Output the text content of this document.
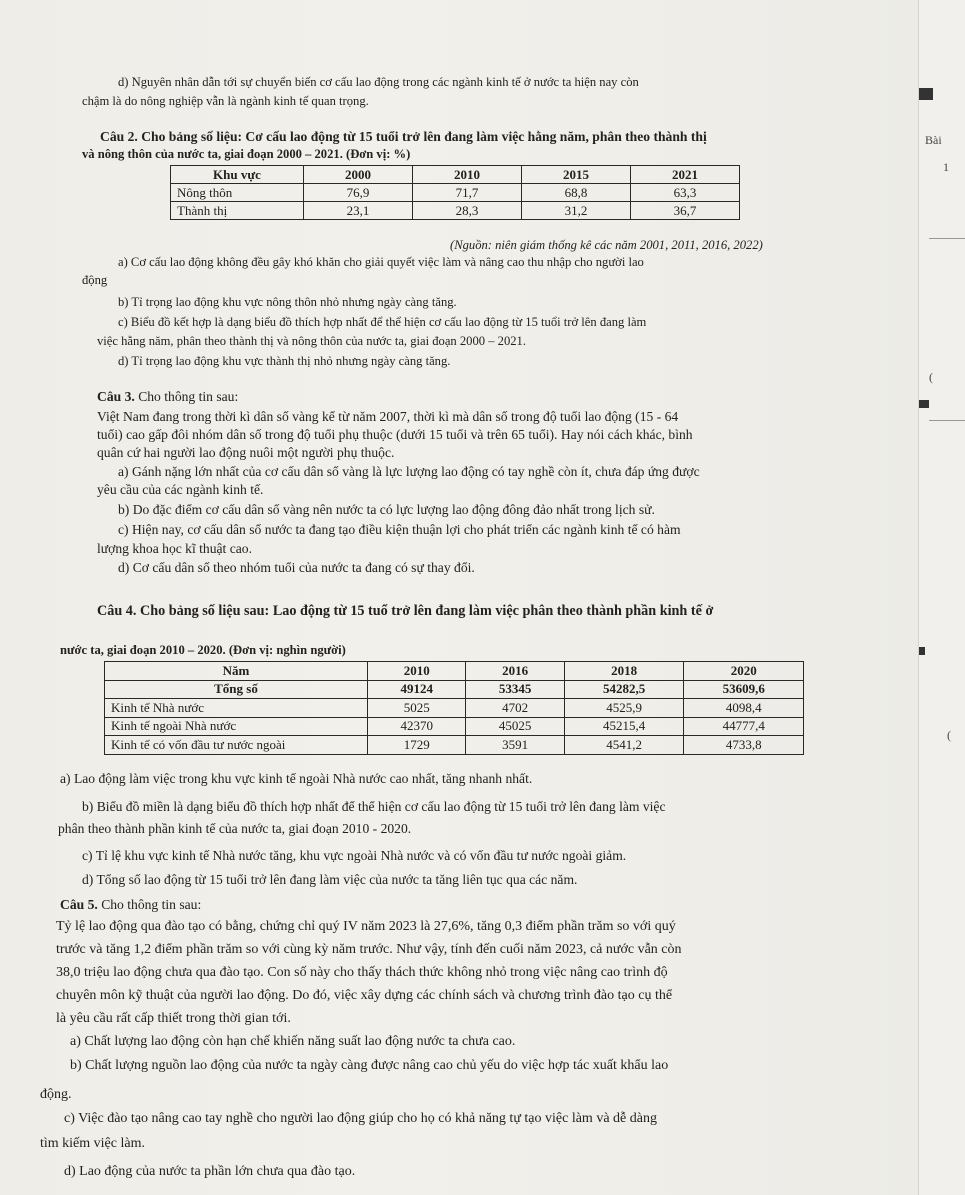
Bài
1
(
(
d) Nguyên nhân dẫn tới sự chuyển biến cơ cấu lao động trong các ngành kinh tế ở nước ta hiện nay còn
chậm là do nông nghiệp vẫn là ngành kinh tế quan trọng.
Câu 2. Cho bảng số liệu: Cơ cấu lao động từ 15 tuổi trở lên đang làm việc hằng năm, phân theo thành thị
và nông thôn của nước ta, giai đoạn 2000 – 2021. (Đơn vị: %)
Khu vực	2000	2010	2015	2021
Nông thôn	76,9	71,7	68,8	63,3
Thành thị	23,1	28,3	31,2	36,7
(Nguồn: niên giám thống kê các năm 2001, 2011, 2016, 2022)
a) Cơ cấu lao động không đều gây khó khăn cho giải quyết việc làm và nâng cao thu nhập cho người lao
động
b) Tỉ trọng lao động khu vực nông thôn nhỏ nhưng ngày càng tăng.
c) Biểu đồ kết hợp là dạng biểu đồ thích hợp nhất để thể hiện cơ cấu lao động từ 15 tuổi trở lên đang làm
việc hằng năm, phân theo thành thị và nông thôn của nước ta, giai đoạn 2000 – 2021.
d) Tỉ trọng lao động khu vực thành thị nhỏ nhưng ngày càng tăng.
Câu 3. Cho thông tin sau:
Việt Nam đang trong thời kì dân số vàng kể từ năm 2007, thời kì mà dân số trong độ tuổi lao động (15 - 64
tuổi) cao gấp đôi nhóm dân số trong độ tuổi phụ thuộc (dưới 15 tuổi và trên 65 tuổi). Hay nói cách khác, bình
quân cứ hai người lao động nuôi một người phụ thuộc.
a) Gánh nặng lớn nhất của cơ cấu dân số vàng là lực lượng lao động có tay nghề còn ít, chưa đáp ứng được
yêu cầu của các ngành kinh tế.
b) Do đặc điểm cơ cấu dân số vàng nên nước ta có lực lượng lao động đông đảo nhất trong lịch sử.
c) Hiện nay, cơ cấu dân số nước ta đang tạo điều kiện thuận lợi cho phát triển các ngành kinh tế có hàm
lượng khoa học kĩ thuật cao.
d) Cơ cấu dân số theo nhóm tuổi của nước ta đang có sự thay đổi.
Câu 4. Cho bảng số liệu sau: Lao động từ 15 tuổ trở lên đang làm việc phân theo thành phần kinh tế ở
nước ta, giai đoạn 2010 – 2020. (Đơn vị: nghìn người)
Năm	2010	2016	2018	2020
Tổng số	49124	53345	54282,5	53609,6
Kinh tế Nhà nước	5025	4702	4525,9	4098,4
Kinh tế ngoài Nhà nước	42370	45025	45215,4	44777,4
Kinh tế có vốn đầu tư nước ngoài	1729	3591	4541,2	4733,8
a) Lao động làm việc trong khu vực kinh tế ngoài Nhà nước cao nhất, tăng nhanh nhất.
b) Biểu đồ miền là dạng biểu đồ thích hợp nhất để thể hiện cơ cấu lao động từ 15 tuổi trở lên đang làm việc
phân theo thành phần kinh tế của nước ta, giai đoạn 2010 - 2020.
c) Tỉ lệ khu vực kinh tế Nhà nước tăng, khu vực ngoài Nhà nước và có vốn đầu tư nước ngoài giảm.
d) Tổng số lao động từ 15 tuổi trở lên đang làm việc của nước ta tăng liên tục qua các năm.
Câu 5. Cho thông tin sau:
Tỷ lệ lao động qua đào tạo có bằng, chứng chỉ quý IV năm 2023 là 27,6%, tăng 0,3 điểm phần trăm so với quý
trước và tăng 1,2 điểm phần trăm so với cùng kỳ năm trước. Như vậy, tính đến cuối năm 2023, cả nước vẫn còn
38,0 triệu lao động chưa qua đào tạo. Con số này cho thấy thách thức không nhỏ trong việc nâng cao trình độ
chuyên môn kỹ thuật của người lao động. Do đó, việc xây dựng các chính sách và chương trình đào tạo cụ thể
là yêu cầu rất cấp thiết trong thời gian tới.
a) Chất lượng lao động còn hạn chế khiến năng suất lao động nước ta chưa cao.
b) Chất lượng nguồn lao động của nước ta ngày càng được nâng cao chủ yếu do việc hợp tác xuất khẩu lao
động.
c) Việc đào tạo nâng cao tay nghề cho người lao động giúp cho họ có khả năng tự tạo việc làm và dễ dàng
tìm kiếm việc làm.
d) Lao động của nước ta phần lớn chưa qua đào tạo.
